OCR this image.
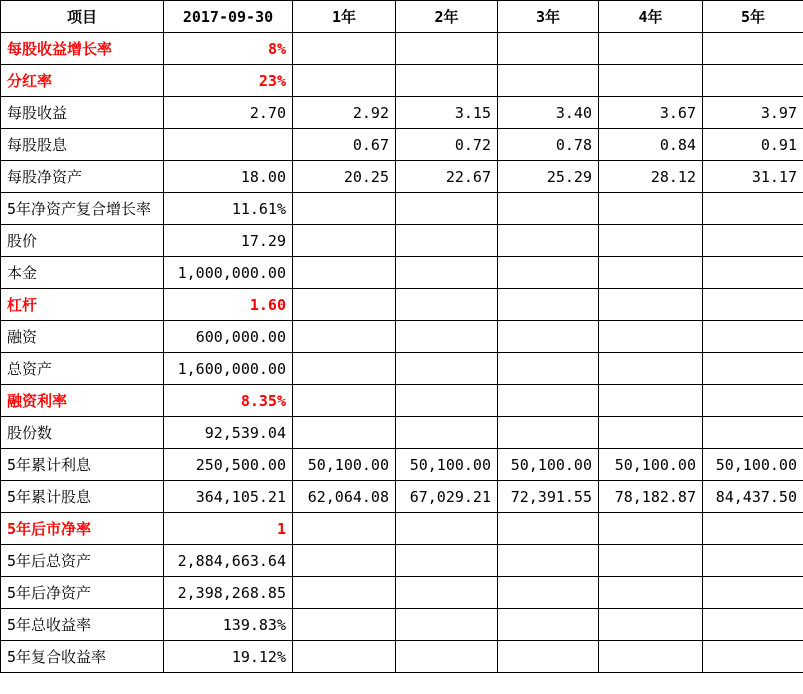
项目	2017-09-30	1年	2年	3年	4年	5年
每股收益增长率	8%					
分红率	23%					
每股收益	2.70	2.92	3.15	3.40	3.67	3.97
每股股息		0.67	0.72	0.78	0.84	0.91
每股净资产	18.00	20.25	22.67	25.29	28.12	31.17
5年净资产复合增长率	11.61%					
股价	17.29					
本金	1,000,000.00					
杠杆	1.60					
融资	600,000.00					
总资产	1,600,000.00					
融资利率	8.35%					
股份数	92,539.04					
5年累计利息	250,500.00	50,100.00	50,100.00	50,100.00	50,100.00	50,100.00
5年累计股息	364,105.21	62,064.08	67,029.21	72,391.55	78,182.87	84,437.50
5年后市净率	1					
5年后总资产	2,884,663.64					
5年后净资产	2,398,268.85					
5年总收益率	139.83%					
5年复合收益率	19.12%					
